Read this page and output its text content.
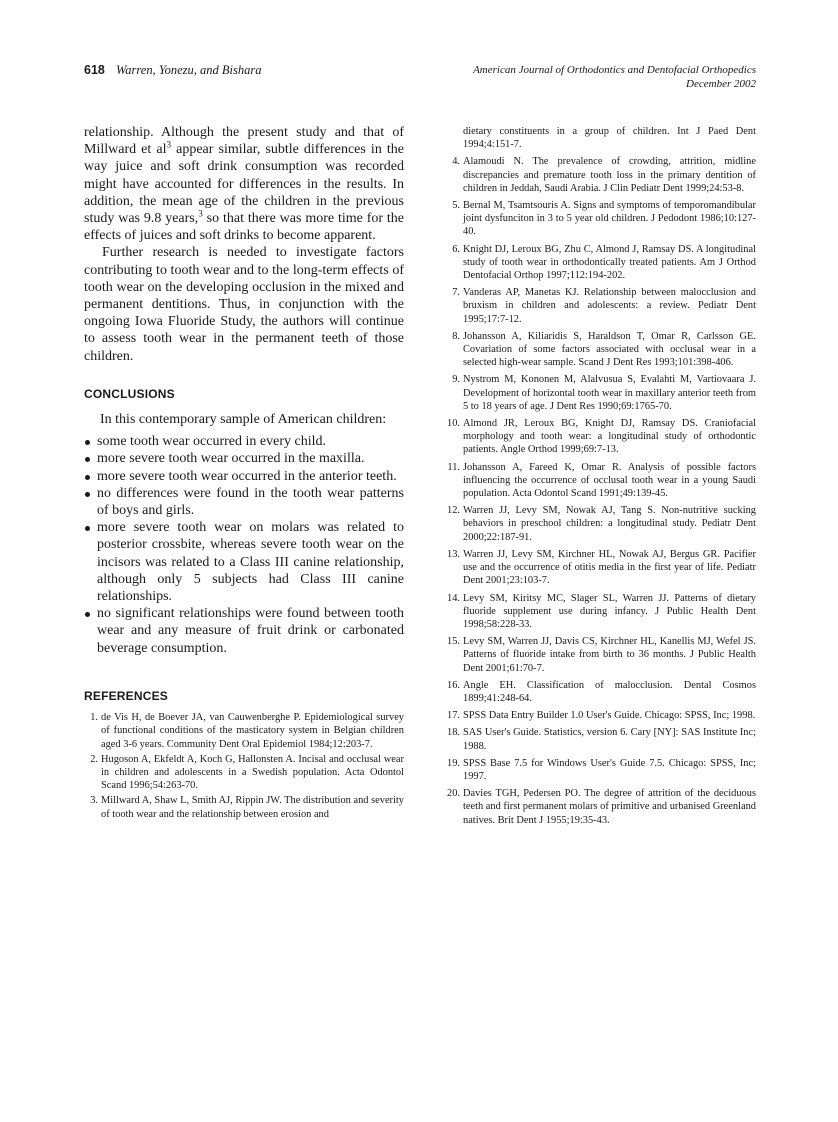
618 Warren, Yonezu, and Bishara	American Journal of Orthodontics and Dentofacial Orthopedics
December 2002

relationship. Although the present study and that of Millward et $al^3$ appear similar, subtle differences in the way juice and soft drink consumption was recorded might have accounted for differences in the results. In addition, the mean age of the children in the previous study was 9.8 years,$^3$ so that there was more time for the effects of juices and soft drinks to become apparent.

Further research is needed to investigate factors contributing to tooth wear and to the long-term effects of tooth wear on the developing occlusion in the mixed and permanent dentitions. Thus, in conjunction with the ongoing Iowa Fluoride Study, the authors will continue to assess tooth wear in the permanent teeth of those children.

CONCLUSIONS

In this contemporary sample of American children:

some tooth wear occurred in every child.
more severe tooth wear occurred in the maxilla.
more severe tooth wear occurred in the anterior teeth.
no differences were found in the tooth wear patterns of boys and girls.
more severe tooth wear on molars was related to posterior crossbite, whereas severe tooth wear on the incisors was related to a Class III canine relationship, although only 5 subjects had Class III canine relationships.
no significant relationships were found between tooth wear and any measure of fruit drink or carbonated beverage consumption.
REFERENCES
1. de Vis H, de Boever JA, van Cauwenberghe P. Epidemiological survey of functional conditions of the masticatory system in Belgian children aged 3-6 years. Community Dent Oral Epidemiol 1984;12:203-7.
2. Hugoson A, Ekfeldt A, Koch G, Hallonsten A. Incisal and occlusal wear in children and adolescents in a Swedish population. Acta Odontol Scand 1996;54:263-70.
3. Millward A, Shaw L, Smith AJ, Rippin JW. The distribution and severity of tooth wear and the relationship between erosion and
dietary constituents in a group of children. Int J Paed Dent 1994;4:151-7.
4. Alamoudi N. The prevalence of crowding, attrition, midline discrepancies and premature tooth loss in the primary dentition of children in Jeddah, Saudi Arabia. J Clin Pediatr Dent 1999;24:53-8.
5. Bernal M, Tsamtsouris A. Signs and symptoms of temporomandibular joint dysfunciton in 3 to 5 year old children. J Pedodont 1986;10:127-40.
6. Knight DJ, Leroux BG, Zhu C, Almond J, Ramsay DS. A longitudinal study of tooth wear in orthodontically treated patients. Am J Orthod Dentofacial Orthop 1997;112:194-202.
7. Vanderas AP, Manetas KJ. Relationship between malocclusion and bruxism in children and adolescents: a review. Pediatr Dent 1995;17:7-12.
8. Johansson A, Kiliaridis S, Haraldson T, Omar R, Carlsson GE. Covariation of some factors associated with occlusal wear in a selected high-wear sample. Scand J Dent Res 1993;101:398-406.
9. Nystrom M, Kononen M, Alalvusua S, Evalahti M, Vartiovaara J. Development of horizontal tooth wear in maxillary anterior teeth from 5 to 18 years of age. J Dent Res 1990;69:1765-70.
10. Almond JR, Leroux BG, Knight DJ, Ramsay DS. Craniofacial morphology and tooth wear: a longitudinal study of orthodontic patients. Angle Orthod 1999;69:7-13.
11. Johansson A, Fareed K, Omar R. Analysis of possible factors influencing the occurrence of occlusal tooth wear in a young Saudi population. Acta Odontol Scand 1991;49:139-45.
12. Warren JJ, Levy SM, Nowak AJ, Tang S. Non-nutritive sucking behaviors in preschool children: a longitudinal study. Pediatr Dent 2000;22:187-91.
13. Warren JJ, Levy SM, Kirchner HL, Nowak AJ, Bergus GR. Pacifier use and the occurrence of otitis media in the first year of life. Pediatr Dent 2001;23:103-7.
14. Levy SM, Kiritsy MC, Slager SL, Warren JJ. Patterns of dietary fluoride supplement use during infancy. J Public Health Dent 1998;58:228-33.
15. Levy SM, Warren JJ, Davis CS, Kirchner HL, Kanellis MJ, Wefel JS. Patterns of fluoride intake from birth to 36 months. J Public Health Dent 2001;61:70-7.
16. Angle EH. Classification of malocclusion. Dental Cosmos 1899;41:248-64.
17. SPSS Data Entry Builder 1.0 User's Guide. Chicago: SPSS, Inc; 1998.
18. SAS User's Guide. Statistics, version 6. Cary [NY]: SAS Institute Inc; 1988.
19. SPSS Base 7.5 for Windows User's Guide 7.5. Chicago: SPSS, Inc; 1997.
20. Davies TGH, Pedersen PO. The degree of attrition of the deciduous teeth and first permanent molars of primitive and urbanised Greenland natives. Brit Dent J 1955;19:35-43.
